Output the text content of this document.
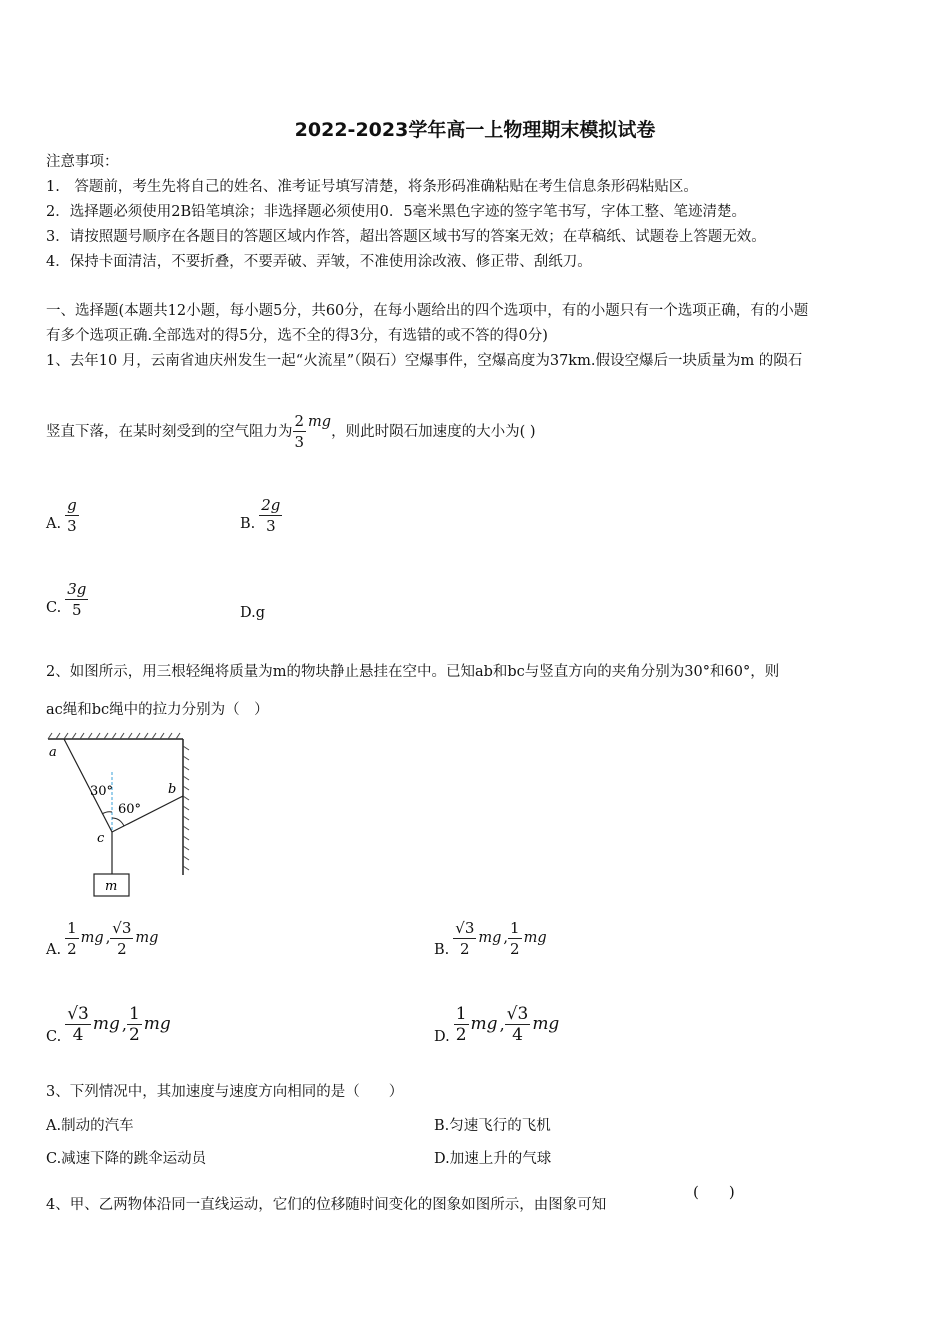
2022-2023学年高一上物理期末模拟试卷
注意事项：
1.　答题前，考生先将自己的姓名、准考证号填写清楚，将条形码准确粘贴在考生信息条形码粘贴区。
2．选择题必须使用2B铅笔填涂；非选择题必须使用0．5毫米黑色字迹的签字笔书写，字体工整、笔迹清楚。
3．请按照题号顺序在各题目的答题区域内作答，超出答题区域书写的答案无效；在草稿纸、试题卷上答题无效。
4．保持卡面清洁，不要折叠，不要弄破、弄皱，不准使用涂改液、修正带、刮纸刀。
一、选择题(本题共12小题，每小题5分，共60分，在每小题给出的四个选项中，有的小题只有一个选项正确，有的小题
有多个选项正确.全部选对的得5分，选不全的得3分，有选错的或不答的得0分)
1、去年10 月，云南省迪庆州发生一起“火流星”（陨石）空爆事件，空爆高度为37km.假设空爆后一块质量为m 的陨石
竖直下落，在某时刻受到的空气阻力为 $\frac{2}{3}$ mg
，则此时陨石加速度的大小为( )
A. $\frac{g}{3}$	B. $\frac{2g}{3}$
C. $\frac{3g}{5}$	D.g
2、如图所示，用三根轻绳将质量为m的物块静止悬挂在空中。已知ab和bc与竖直方向的夹角分别为30°和60°，则
ac绳和bc绳中的拉力分别为（　）
a
b
c
m
30°
60°
A. $\frac{1}{2}$ mg , $\frac{√3}{2}$ mg
B. $\frac{√3}{2}$ mg , $\frac{1}{2}$ mg
C. $\frac{√3}{4}$ mg , $\frac{1}{2}$ mg
D. $\frac{1}{2}$ mg , $\frac{√3}{4}$ mg
3、下列情况中，其加速度与速度方向相同的是（　　）
A.制动的汽车	B.匀速飞行的飞机
C.减速下降的跳伞运动员	D.加速上升的气球
4、甲、乙两物体沿同一直线运动，它们的位移随时间变化的图象如图所示，由图象可知
(　　)
